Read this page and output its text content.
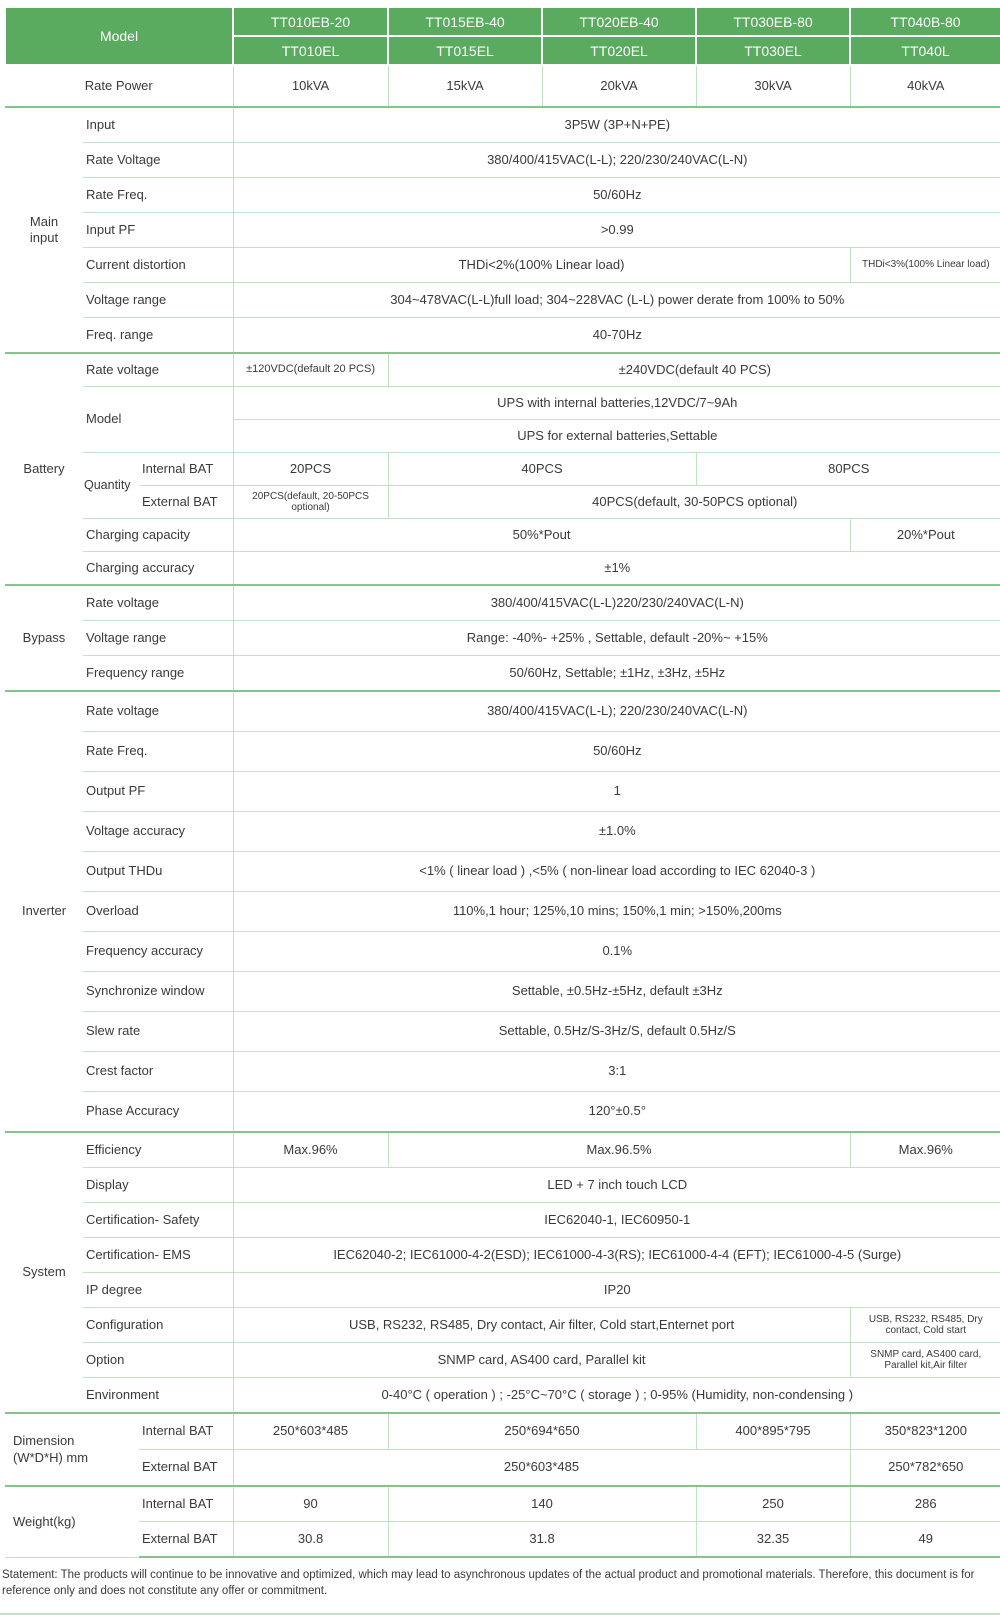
Model			TT010EB-20	TT015EB-40	TT020EB-40	TT030EB-80	TT040B-80
			TT010EL	TT015EL	TT020EL	TT030EL	TT040L
Rate Power			10kVA	15kVA	20kVA	30kVA	40kVA
Main input	Input		3P5W (3P+N+PE)				
	Rate Voltage		380/400/415VAC(L-L); 220/230/240VAC(L-N)				
	Rate Freq.		50/60Hz				
	Input PF		>0.99				
	Current distortion		THDi<2%(100% Linear load)				THDi<3%(100% Linear load)
	Voltage range		304~478VAC(L-L)full load; 304~228VAC (L-L) power derate from 100% to 50%				
	Freq. range		40-70Hz				
Battery	Rate voltage		±120VDC(default 20 PCS)	±240VDC(default 40 PCS)			
	Model		UPS with internal batteries,12VDC/7~9Ah				
			UPS for external batteries,Settable				
	Quantity	Internal BAT	20PCS	40PCS		80PCS	
		External BAT	20PCS(default, 20-50PCS optional)	40PCS(default, 30-50PCS optional)			
	Charging capacity		50%*Pout				20%*Pout
	Charging accuracy		±1%				
Bypass	Rate voltage		380/400/415VAC(L-L)220/230/240VAC(L-N)				
	Voltage range		Range: -40%- +25% , Settable, default -20%~ +15%				
	Frequency range		50/60Hz, Settable; ±1Hz, ±3Hz, ±5Hz				
Inverter	Rate voltage		380/400/415VAC(L-L); 220/230/240VAC(L-N)				
	Rate Freq.		50/60Hz				
	Output PF		1				
	Voltage accuracy		±1.0%				
	Output THDu		<1% ( linear load ) ,<5% ( non-linear load according to IEC 62040-3 )				
	Overload		110%,1 hour; 125%,10 mins; 150%,1 min; >150%,200ms				
	Frequency accuracy		0.1%				
	Synchronize window		Settable, ±0.5Hz-±5Hz, default ±3Hz				
	Slew rate		Settable, 0.5Hz/S-3Hz/S, default 0.5Hz/S				
	Crest factor		3:1				
	Phase Accuracy		120°±0.5°				
System	Efficiency		Max.96%	Max.96.5%			Max.96%
	Display		LED + 7 inch touch LCD				
	Certification- Safety		IEC62040-1, IEC60950-1				
	Certification- EMS		IEC62040-2; IEC61000-4-2(ESD); IEC61000-4-3(RS); IEC61000-4-4 (EFT); IEC61000-4-5 (Surge)				
	IP degree		IP20				
	Configuration		USB, RS232, RS485, Dry contact, Air filter, Cold start,Enternet port				USB, RS232, RS485, Dry contact, Cold start
	Option		SNMP card, AS400 card, Parallel kit				SNMP card, AS400 card, Parallel kit,Air filter
	Environment		0-40°C ( operation ) ; -25°C~70°C ( storage ) ; 0-95% (Humidity, non-condensing )				
Dimension (W*D*H) mm		Internal BAT	250*603*485	250*694*650		400*895*795	350*823*1200
		External BAT	250*603*485				250*782*650
Weight(kg)		Internal BAT	90	140		250	286
		External BAT	30.8	31.8		32.35	49

Statement: The products will continue to be innovative and optimized, which may lead to asynchronous updates of the actual product and promotional materials. Therefore, this document is for reference only and does not constitute any offer or commitment.
